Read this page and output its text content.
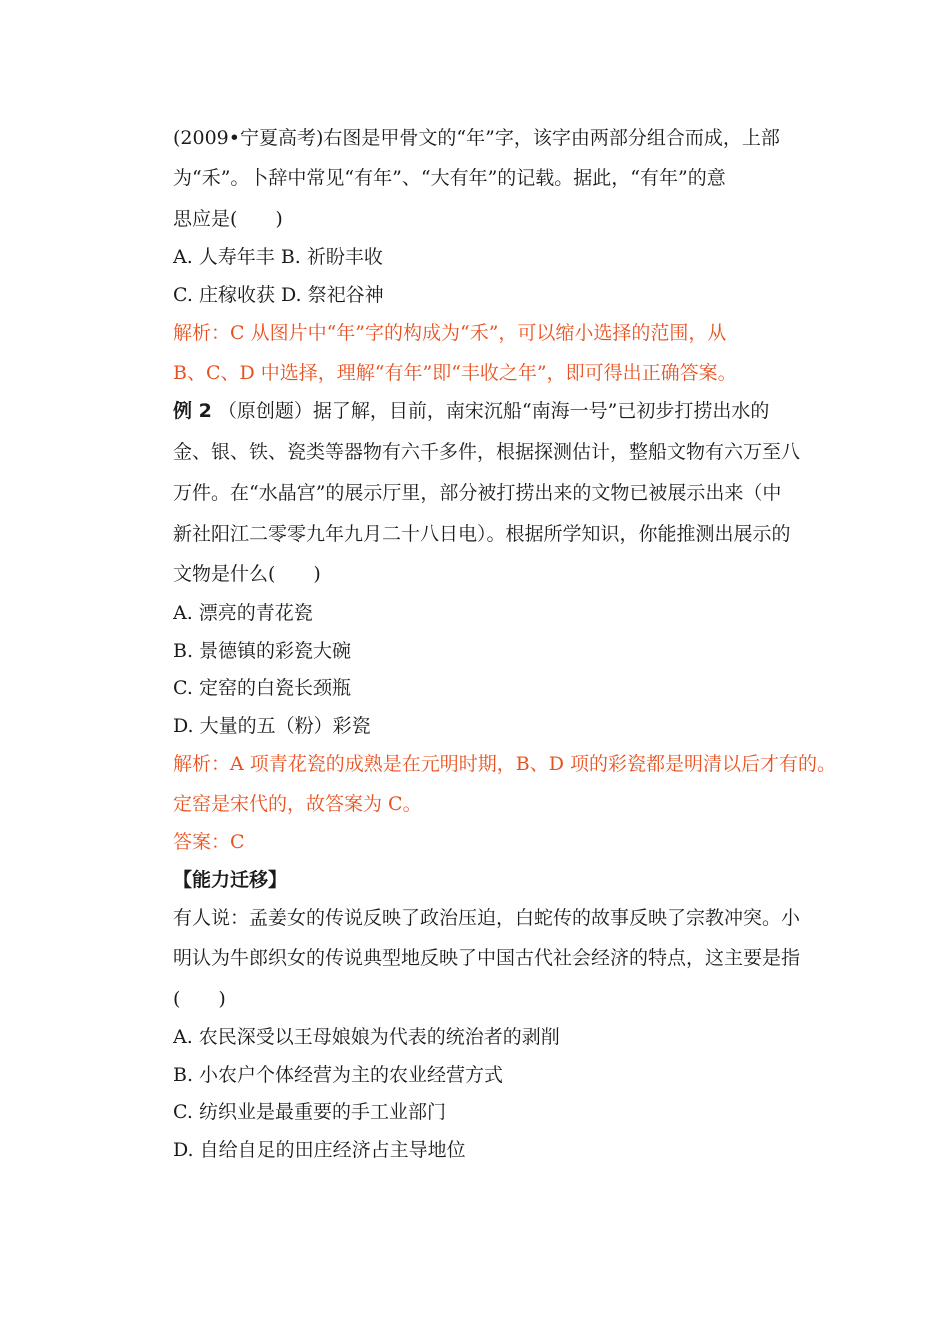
(2009•宁夏高考)右图是甲骨文的“年”字，该字由两部分组合而成，上部
为“禾”。卜辞中常见“有年”、“大有年”的记载。据此，“有年”的意
思应是(　　)
A. 人寿年丰 B. 祈盼丰收
C. 庄稼收获 D. 祭祀谷神
解析：C 从图片中“年”字的构成为“禾”，可以缩小选择的范围，从
B、C、D 中选择，理解“有年”即“丰收之年”，即可得出正确答案。
例 2 （原创题）据了解，目前，南宋沉船“南海一号”已初步打捞出水的
金、银、铁、瓷类等器物有六千多件，根据探测估计，整船文物有六万至八
万件。在“水晶宫”的展示厅里，部分被打捞出来的文物已被展示出来（中
新社阳江二零零九年九月二十八日电）。根据所学知识，你能推测出展示的
文物是什么(　　)
A. 漂亮的青花瓷
B. 景德镇的彩瓷大碗
C. 定窑的白瓷长颈瓶
D. 大量的五（粉）彩瓷
解析：A 项青花瓷的成熟是在元明时期，B、D 项的彩瓷都是明清以后才有的。
定窑是宋代的，故答案为 C。
答案：C
【能力迁移】
有人说：孟姜女的传说反映了政治压迫，白蛇传的故事反映了宗教冲突。小
明认为牛郎织女的传说典型地反映了中国古代社会经济的特点，这主要是指
(　　)
A. 农民深受以王母娘娘为代表的统治者的剥削
B. 小农户个体经营为主的农业经营方式
C. 纺织业是最重要的手工业部门
D. 自给自足的田庄经济占主导地位
